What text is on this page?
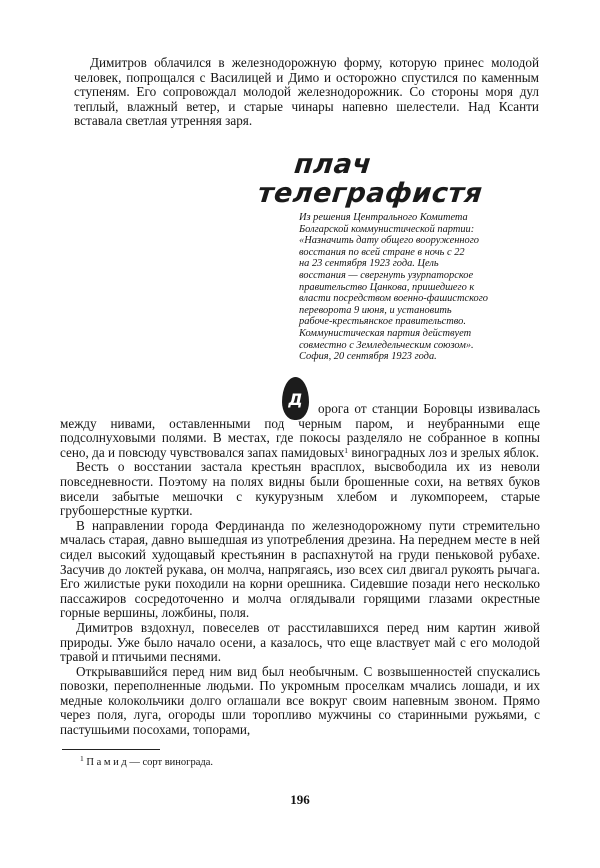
Димитров облачился в железнодорожную форму, которую принес молодой человек, попрощался с Василицей и Димо и осторожно спустился по каменным ступеням. Его сопровождал молодой железнодорожник. Со стороны моря дул теплый, влажный ветер, и старые чинары напевно шелестели. Над Ксанти вставала светлая утренняя заря.

плач
телеграфистя
Из решения Центрального Комитета
Болгарской коммунистической партии:
«Назначить дату общего вооруженного
восстания по всей стране в ночь с 22
на 23 сентября 1923 года. Цель
восстания — свергнуть узурпаторское
правительство Цанкова, пришедшего к
власти посредством военно-фашистского
переворота 9 июня, и установить
рабоче-крестьянское правительство.
Коммунистическая партия действует
совместно с Земледельческим союзом».
София, 20 сентября 1923 года.
Д	орога от станции Боровцы извивалась между нивами, оставленными под черным паром, и неубранными еще подсолнуховыми полями. В местах, где покосы разделяло не собранное в копны сено, да и повсюду чувствовался запах памидовых$^1$ виноградных лоз и зрелых яблок.

Весть о восстании застала крестьян врасплох, высвободила их из неволи повседневности. Поэтому на полях видны были брошенные сохи, на ветвях буков висели забытые мешочки с кукурузным хлебом и лукомпореем, старые грубошерстные куртки.

В направлении города Фердинанда по железнодорожному пути стремительно мчалась старая, давно вышедшая из употребления дрезина. На переднем месте в ней сидел высокий худощавый крестьянин в распахнутой на груди пеньковой рубахе. Засучив до локтей рукава, он молча, напрягаясь, изо всех сил двигал рукоять рычага. Его жилистые руки походили на корни орешника. Сидевшие позади него несколько пассажиров сосредоточенно и молча оглядывали горящими глазами окрестные горные вершины, ложбины, поля.

Димитров вздохнул, повеселев от расстилавшихся перед ним картин живой природы. Уже было начало осени, а казалось, что еще властвует май с его молодой травой и птичьими песнями.

Открывавшийся перед ним вид был необычным. С возвышенностей спускались повозки, переполненные людьми. По укромным проселкам мчались лошади, и их медные колокольчики долго оглашали все вокруг своим напевным звоном. Прямо через поля, луга, огороды шли торопливо мужчины со старинными ружьями, с пастушьими посохами, топорами,

$^1$ П а м и д — сорт винограда.
196
